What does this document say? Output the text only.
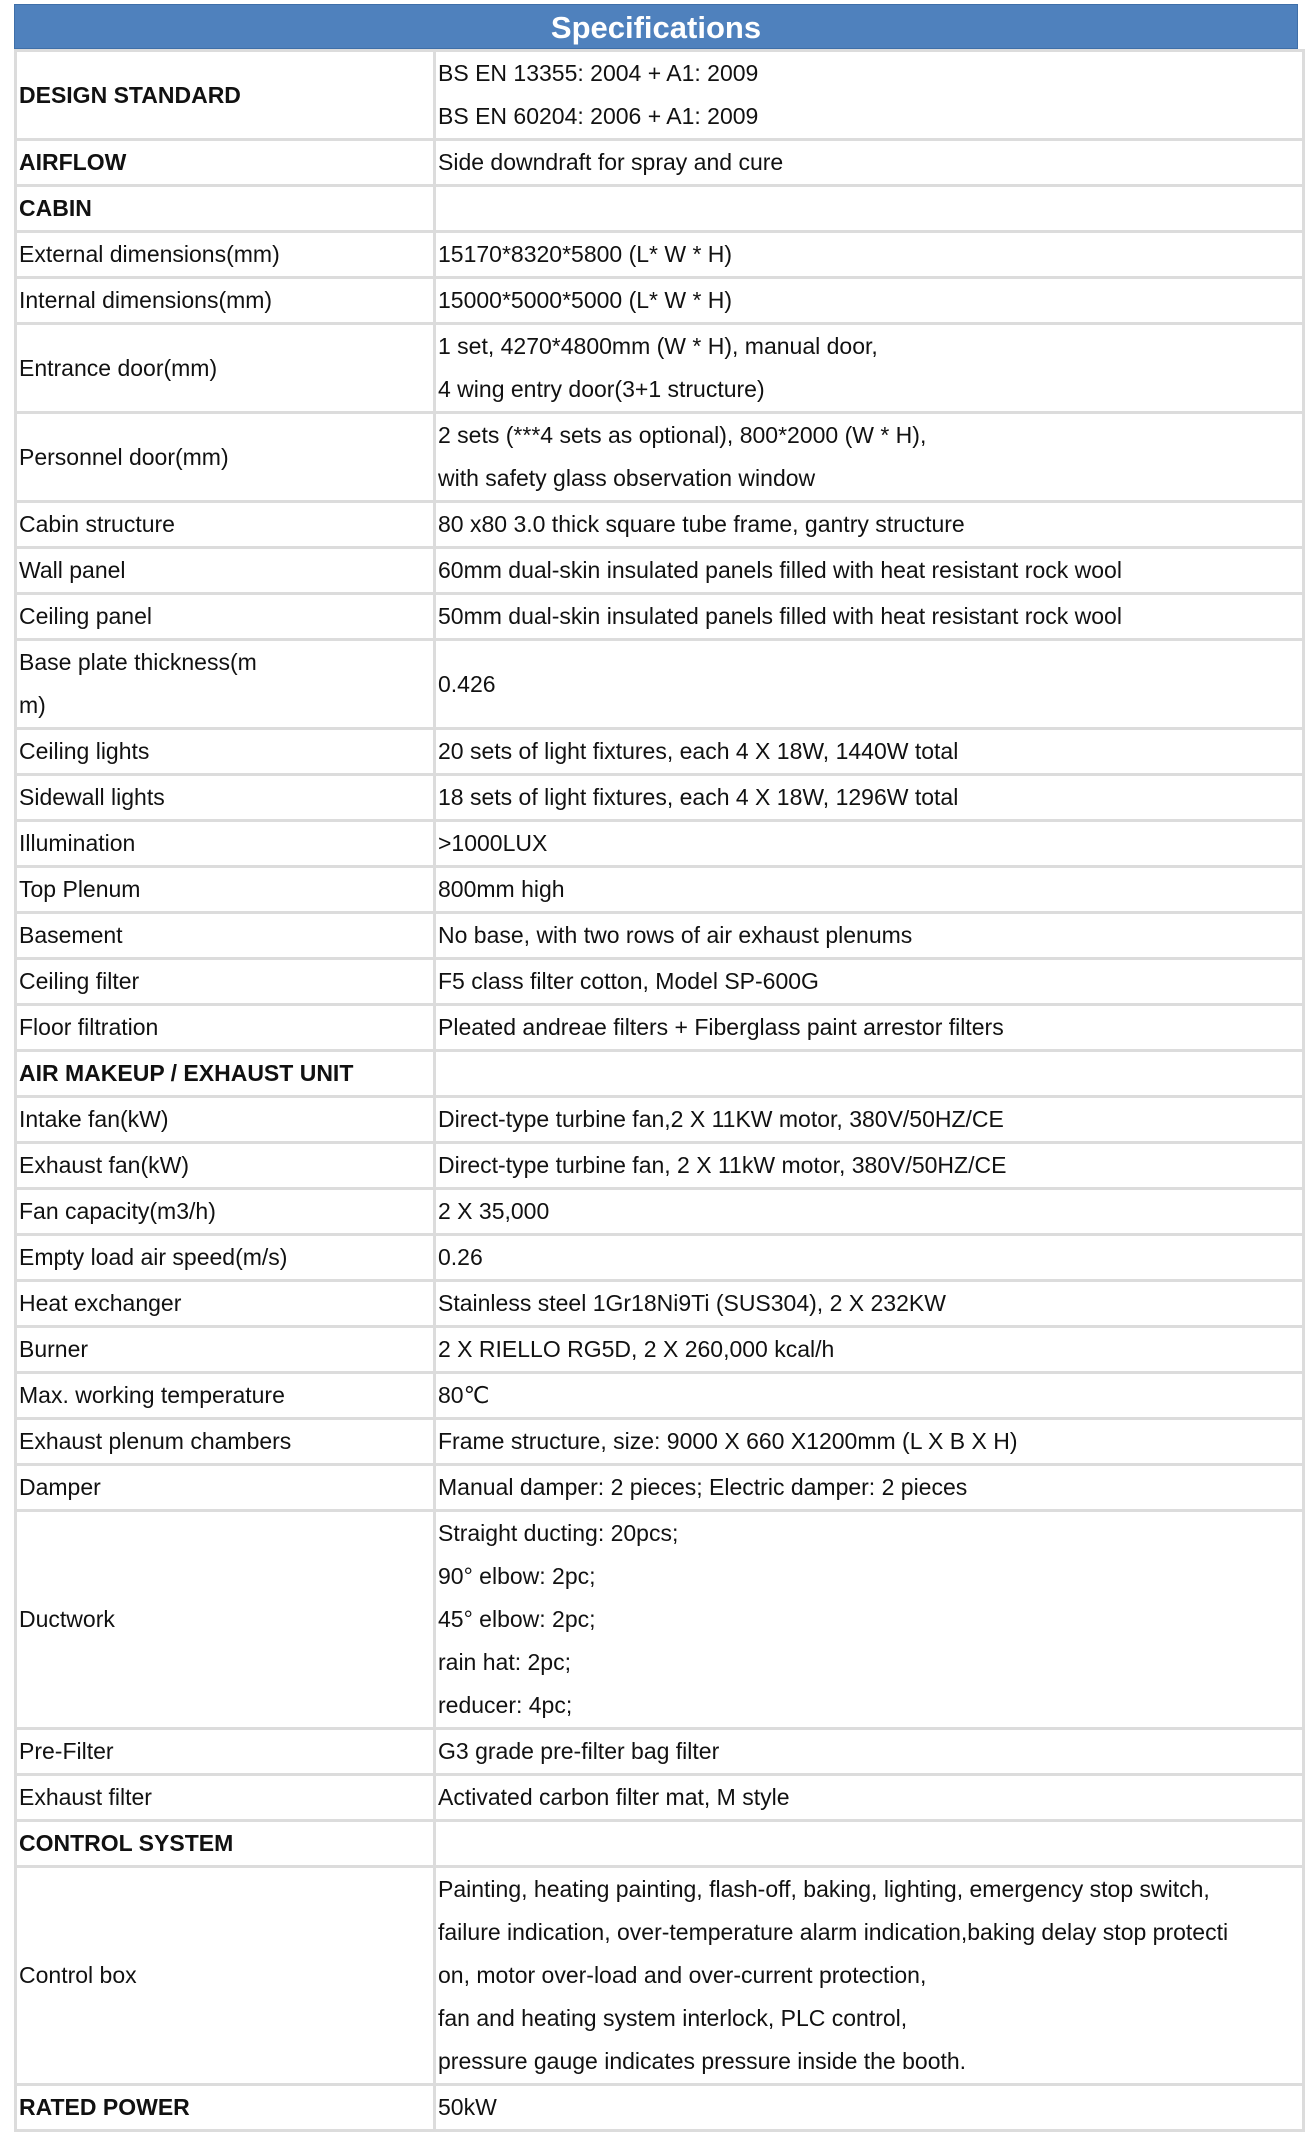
Specifications
DESIGN STANDARD	BS EN 13355: 2004 + A1: 2009
BS EN 60204: 2006 + A1: 2009

AIRFLOW	Side downdraft for spray and cure

CABIN	

External dimensions(mm)	15170*8320*5800 (L* W * H)

Internal dimensions(mm)	15000*5000*5000 (L* W * H)

Entrance door(mm)	1 set, 4270*4800mm (W * H), manual door,
4 wing entry door(3+1 structure)

Personnel door(mm)	2 sets (***4 sets as optional), 800*2000 (W * H),
with safety glass observation window

Cabin structure	80 x80 3.0 thick square tube frame, gantry structure

Wall panel	60mm dual-skin insulated panels filled with heat resistant rock wool

Ceiling panel	50mm dual-skin insulated panels filled with heat resistant rock wool

Base plate thickness(m
m)	0.426

Ceiling lights	20 sets of light fixtures, each 4 X 18W, 1440W total

Sidewall lights	18 sets of light fixtures, each 4 X 18W, 1296W total

Illumination	>1000LUX

Top Plenum	800mm high

Basement	No base, with two rows of air exhaust plenums

Ceiling filter	F5 class filter cotton, Model SP-600G

Floor filtration	Pleated andreae filters + Fiberglass paint arrestor filters

AIR MAKEUP / EXHAUST UNIT	

Intake fan(kW)	Direct-type turbine fan,2 X 11KW motor, 380V/50HZ/CE

Exhaust fan(kW)	Direct-type turbine fan, 2 X 11kW motor, 380V/50HZ/CE

Fan capacity(m3/h)	2 X 35,000

Empty load air speed(m/s)	0.26

Heat exchanger	Stainless steel 1Gr18Ni9Ti (SUS304), 2 X 232KW

Burner	2 X RIELLO RG5D, 2 X 260,000 kcal/h

Max. working temperature	80℃

Exhaust plenum chambers	Frame structure, size: 9000 X 660 X1200mm (L X B X H)

Damper	Manual damper: 2 pieces; Electric damper: 2 pieces

Ductwork	Straight ducting: 20pcs;
90° elbow: 2pc;
45° elbow: 2pc;
rain hat: 2pc;
reducer: 4pc;

Pre-Filter	G3 grade pre-filter bag filter

Exhaust filter	Activated carbon filter mat, M style

CONTROL SYSTEM	

Control box	Painting, heating painting, flash-off, baking, lighting, emergency stop switch,
failure indication, over-temperature alarm indication,baking delay stop protecti
on, motor over-load and over-current protection,
fan and heating system interlock, PLC control,
pressure gauge indicates pressure inside the booth.

RATED POWER	50kW
